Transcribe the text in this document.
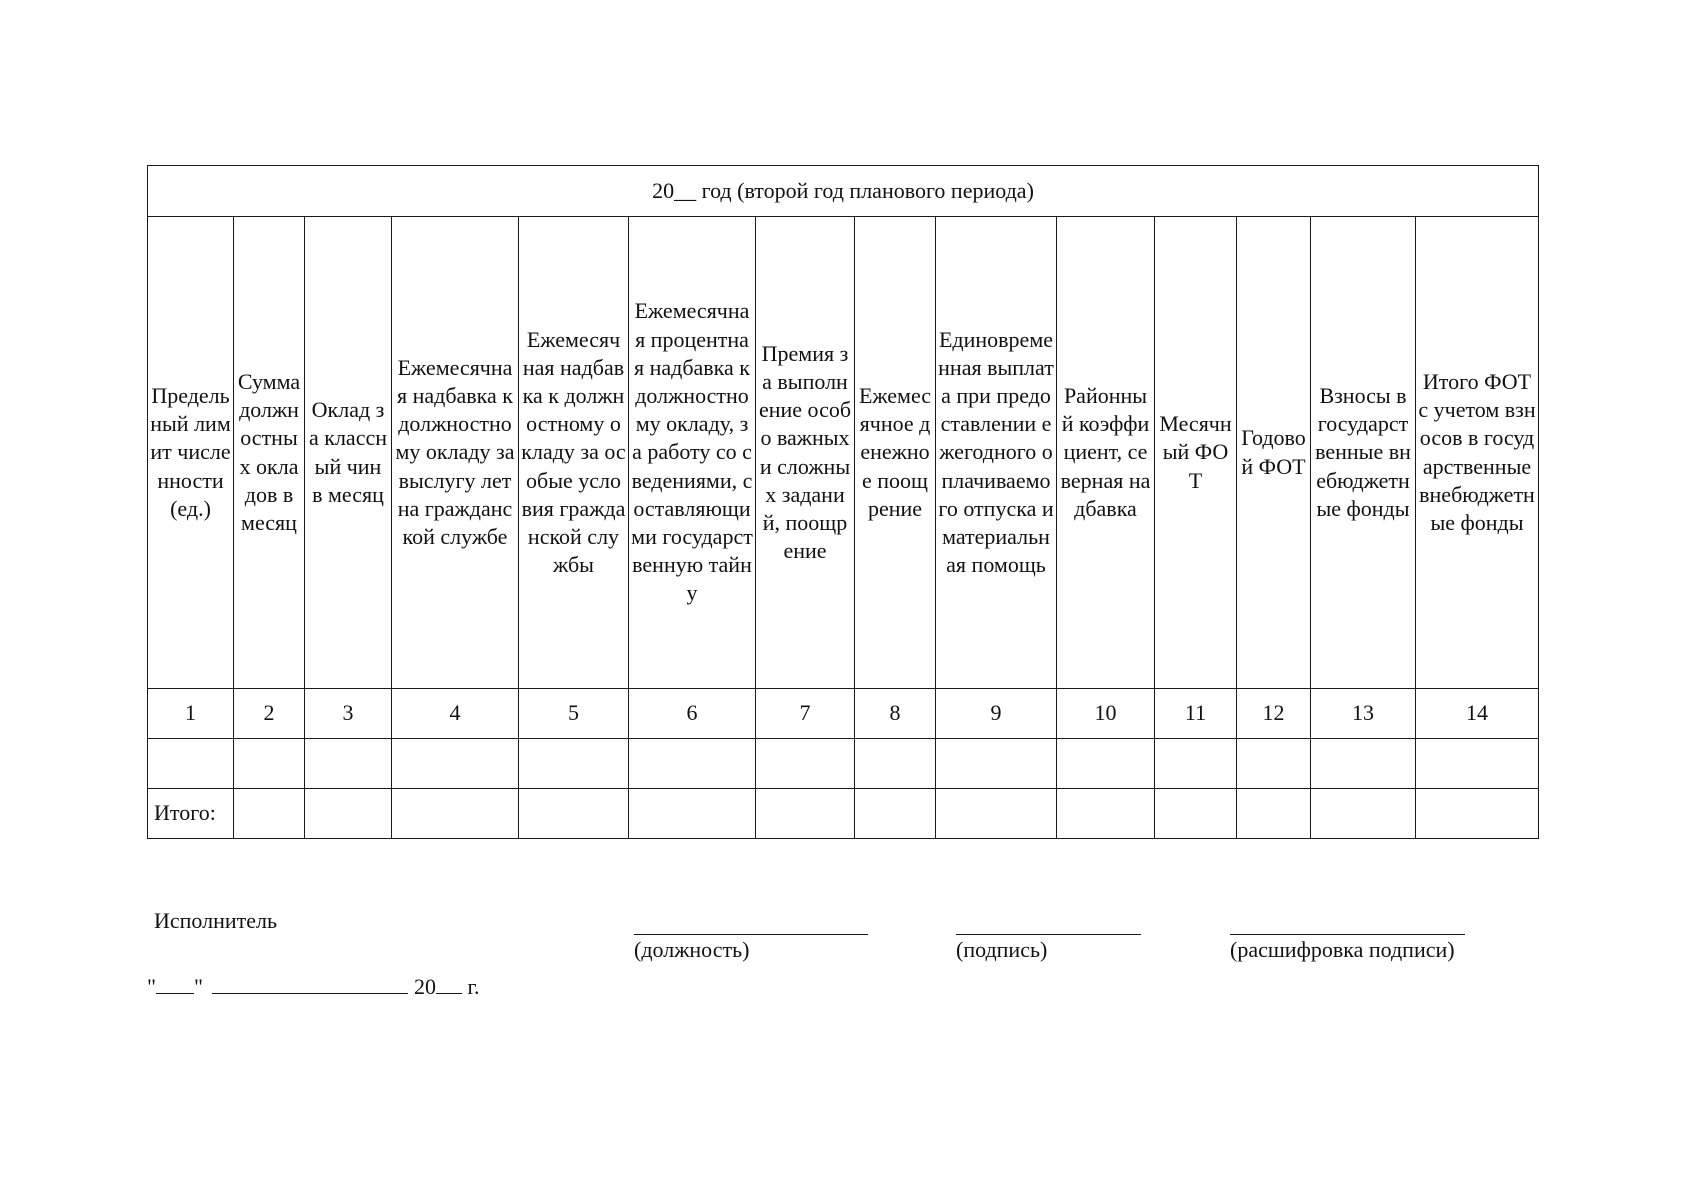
20__ год (второй год планового периода)													
Предельный лимит численности (ед.)	Сумма должностных окладов в месяц	Оклад за классный чин в месяц	Ежемесячная надбавка к должностному окладу за выслугу лет на гражданской службе	Ежемесячная надбавка к должностному окладу за особые условия гражданской службы	Ежемесячная процентная надбавка к должностному окладу, за работу со сведениями, составляющими государственную тайну	Премия за выполнение особо важных и сложных заданий, поощрение	Ежемесячное денежное поощрение	Единовременная выплата при предоставлении ежегодного оплачиваемого отпуска и материальная помощь	Районный коэффициент, северная надбавка	Месячный ФОТ	Годовой ФОТ	Взносы в государственные внебюджетные фонды	Итого ФОТ с учетом взносов в государственные внебюджетные фонды
1	2	3	4	5	6	7	8	9	10	11	12	13	14

Итого:													
Исполнитель
(должность)	(подпись)	(расшифровка подписи)
" "	20 г.
